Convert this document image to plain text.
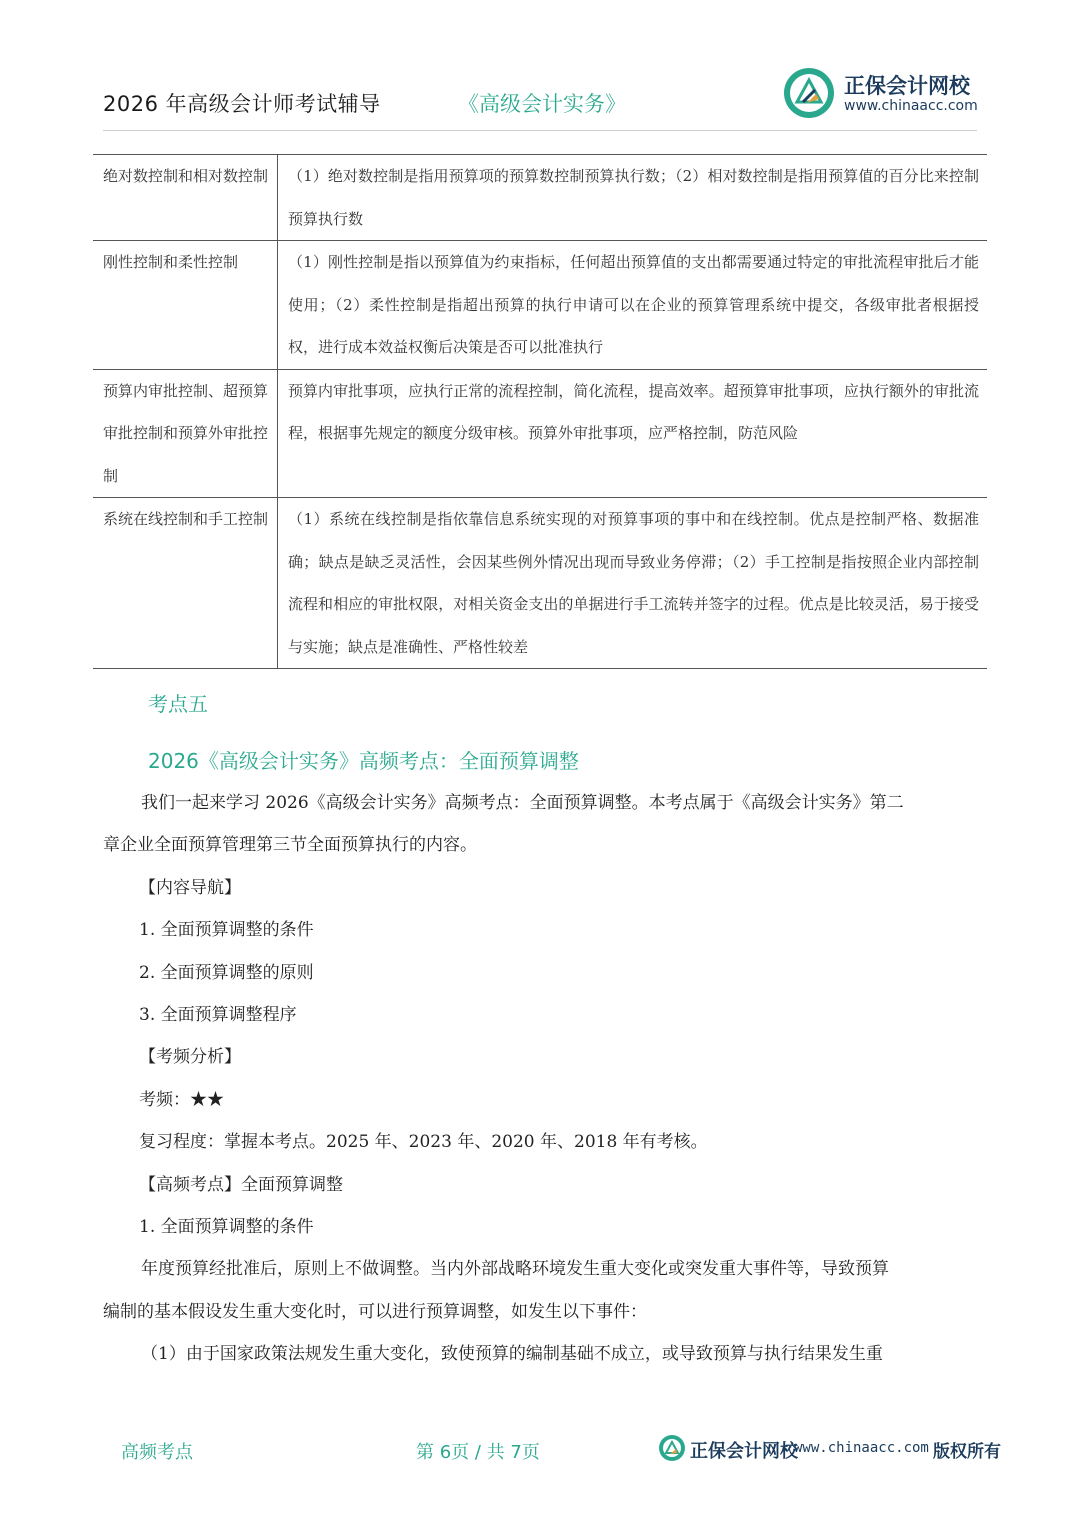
2026 年高级会计师考试辅导	《高级会计实务》
正保会计网校
www.chinaacc.com
绝对数控制和相对数控制	（1）绝对数控制是指用预算项的预算数控制预算执行数；（2）相对数控制是指用预算值的百分比来控制预算执行数
刚性控制和柔性控制	（1）刚性控制是指以预算值为约束指标，任何超出预算值的支出都需要通过特定的审批流程审批后才能使用；（2）柔性控制是指超出预算的执行申请可以在企业的预算管理系统中提交，各级审批者根据授权，进行成本效益权衡后决策是否可以批准执行
预算内审批控制、超预算审批控制和预算外审批控制	预算内审批事项，应执行正常的流程控制，简化流程，提高效率。超预算审批事项，应执行额外的审批流程，根据事先规定的额度分级审核。预算外审批事项，应严格控制，防范风险
系统在线控制和手工控制	（1）系统在线控制是指依靠信息系统实现的对预算事项的事中和在线控制。优点是控制严格、数据准确；缺点是缺乏灵活性，会因某些例外情况出现而导致业务停滞；（2）手工控制是指按照企业内部控制流程和相应的审批权限，对相关资金支出的单据进行手工流转并签字的过程。优点是比较灵活，易于接受与实施；缺点是准确性、严格性较差
考点五
2026《高级会计实务》高频考点：全面预算调整
我们一起来学习 2026《高级会计实务》高频考点：全面预算调整。本考点属于《高级会计实务》第二
章企业全面预算管理第三节全面预算执行的内容。
【内容导航】
1. 全面预算调整的条件
2. 全面预算调整的原则
3. 全面预算调整程序
【考频分析】
考频：★★
复习程度：掌握本考点。2025 年、2023 年、2020 年、2018 年有考核。
【高频考点】全面预算调整
1. 全面预算调整的条件
年度预算经批准后，原则上不做调整。当内外部战略环境发生重大变化或突发重大事件等，导致预算
编制的基本假设发生重大变化时，可以进行预算调整，如发生以下事件：
（1）由于国家政策法规发生重大变化，致使预算的编制基础不成立，或导致预算与执行结果发生重
高频考点	第 6页 / 共 7页	正保会计网校
www.chinaacc.com 版权所有
